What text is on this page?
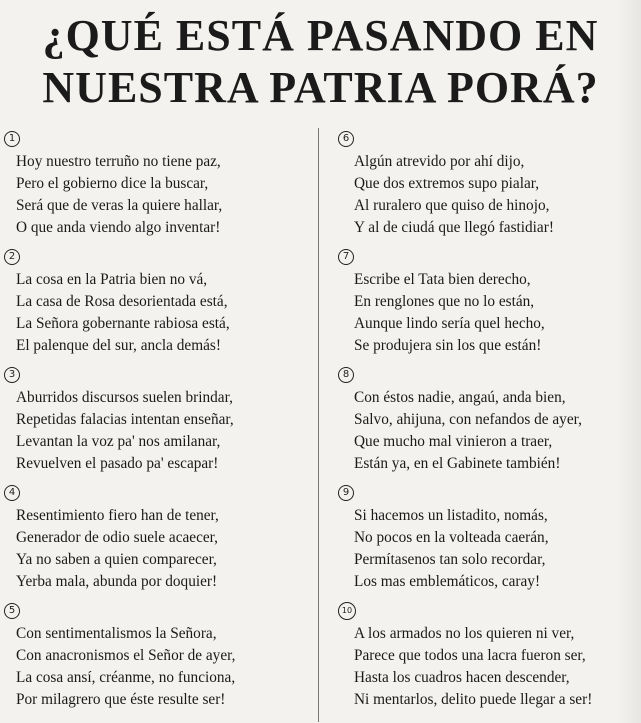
¿QUÉ ESTÁ PASANDO EN
NUESTRA PATRIA PORÁ?
1
Hoy nuestro terruño no tiene paz,
Pero el gobierno dice la buscar,
Será que de veras la quiere hallar,
O que anda viendo algo inventar!
2
La cosa en la Patria bien no vá,
La casa de Rosa desorientada está,
La Señora gobernante rabiosa está,
El palenque del sur, ancla demás!
3
Aburridos discursos suelen brindar,
Repetidas falacias intentan enseñar,
Levantan la voz pa' nos amilanar,
Revuelven el pasado pa' escapar!
4
Resentimiento fiero han de tener,
Generador de odio suele acaecer,
Ya no saben a quien comparecer,
Yerba mala, abunda por doquier!
5
Con sentimentalismos la Señora,
Con anacronismos el Señor de ayer,
La cosa ansí, créanme, no funciona,
Por milagrero que éste resulte ser!
6
Algún atrevido por ahí dijo,
Que dos extremos supo pialar,
Al ruralero que quiso de hinojo,
Y al de ciudá que llegó fastidiar!
7
Escribe el Tata bien derecho,
En renglones que no lo están,
Aunque lindo sería quel hecho,
Se produjera sin los que están!
8
Con éstos nadie, angaú, anda bien,
Salvo, ahijuna, con nefandos de ayer,
Que mucho mal vinieron a traer,
Están ya, en el Gabinete también!
9
Si hacemos un listadito, nomás,
No pocos en la volteada caerán,
Permítasenos tan solo recordar,
Los mas emblemáticos, caray!
10
A los armados no los quieren ni ver,
Parece que todos una lacra fueron ser,
Hasta los cuadros hacen descender,
Ni mentarlos, delito puede llegar a ser!
